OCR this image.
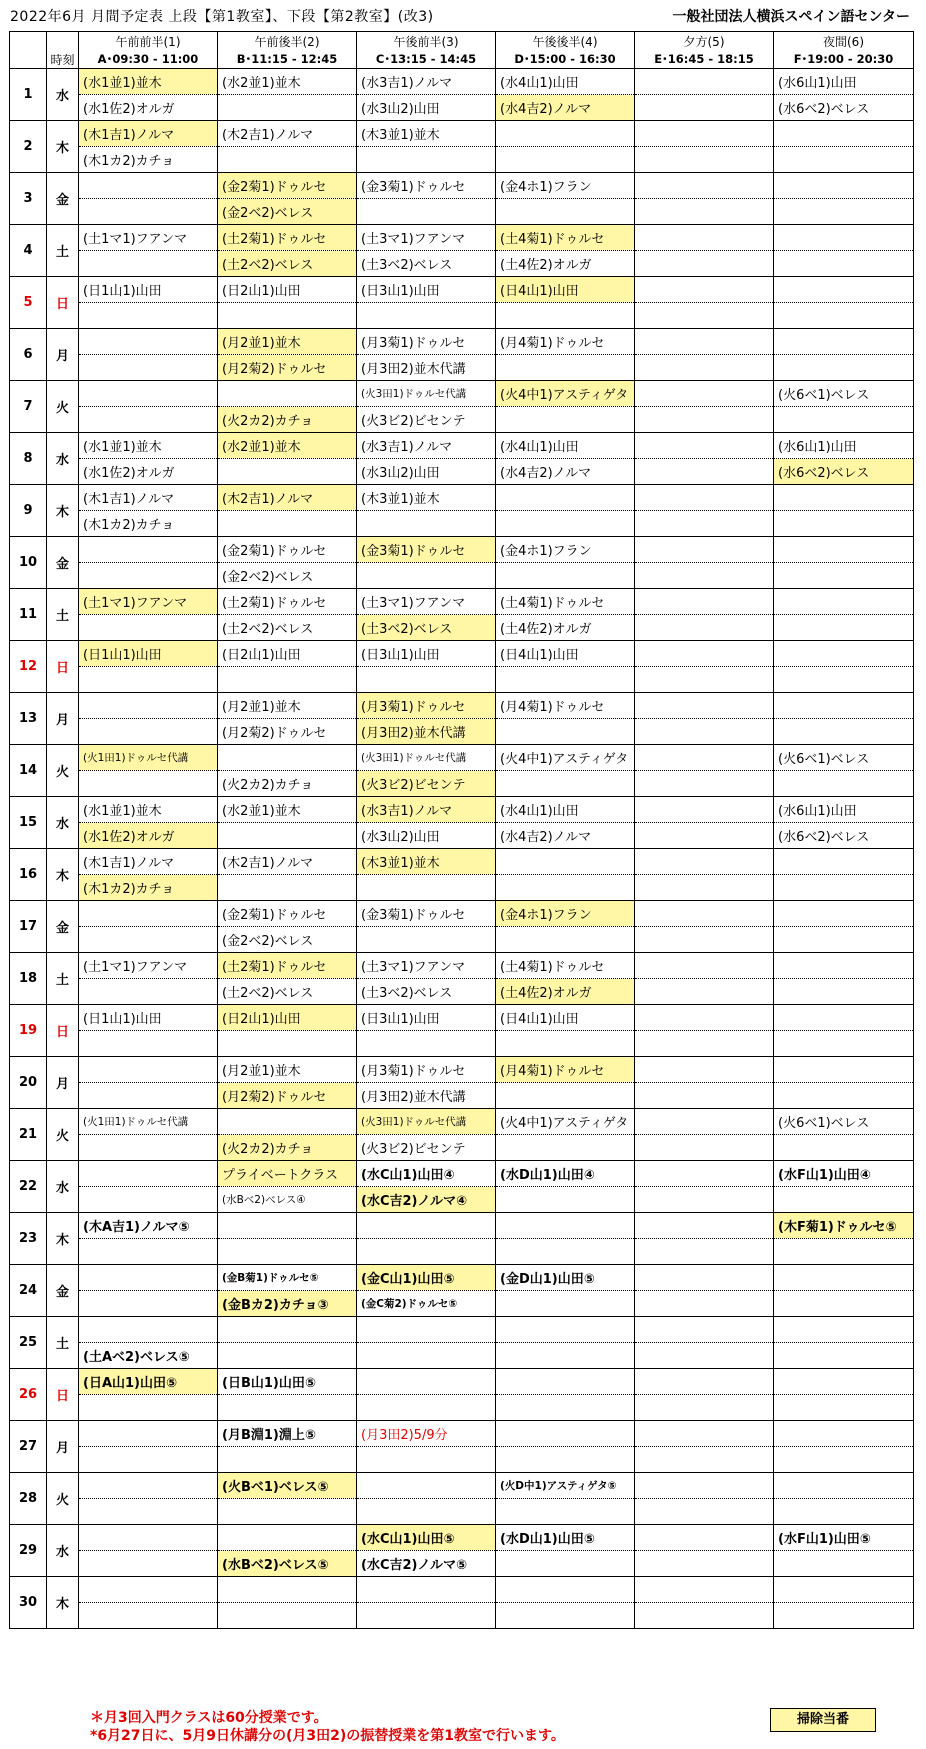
2022年6月 月間予定表 上段【第1教室】、下段【第2教室】(改3)	一般社団法人横浜スペイン語センター
		午前前半(1)	午前後半(2)	午後前半(3)	午後後半(4)	夕方(5)	夜間(6)
	時刻	A･09:30 - 11:00	B･11:15 - 12:45	C･13:15 - 14:45	D･15:00 - 16:30	E･16:45 - 18:15	F･19:00 - 20:30
1	水	(水1並1)並木	(水2並1)並木	(水3吉1)ノルマ	(水4山1)山田		(水6山1)山田
		(水1佐2)オルガ		(水3山2)山田	(水4吉2)ノルマ		(水6ベ2)ベレス
2	木	(木1吉1)ノルマ	(木2吉1)ノルマ	(木3並1)並木			
		(木1カ2)カチョ					
3	金		(金2菊1)ドゥルセ	(金3菊1)ドゥルセ	(金4ホ1)フラン		
			(金2ベ2)ベレス				
4	土	(土1マ1)フアンマ	(土2菊1)ドゥルセ	(土3マ1)フアンマ	(土4菊1)ドゥルセ		
			(土2ベ2)ベレス	(土3ベ2)ベレス	(土4佐2)オルガ		
5	日	(日1山1)山田	(日2山1)山田	(日3山1)山田	(日4山1)山田		

6	月		(月2並1)並木	(月3菊1)ドゥルセ	(月4菊1)ドゥルセ		
			(月2菊2)ドゥルセ	(月3田2)並木代講			
7	火			(火3田1)ドゥルセ代講	(火4中1)アスティゲタ		(火6ベ1)ベレス
			(火2カ2)カチョ	(火3ビ2)ビセンテ			
8	水	(水1並1)並木	(水2並1)並木	(水3吉1)ノルマ	(水4山1)山田		(水6山1)山田
		(水1佐2)オルガ		(水3山2)山田	(水4吉2)ノルマ		(水6ベ2)ベレス
9	木	(木1吉1)ノルマ	(木2吉1)ノルマ	(木3並1)並木			
		(木1カ2)カチョ					
10	金		(金2菊1)ドゥルセ	(金3菊1)ドゥルセ	(金4ホ1)フラン		
			(金2ベ2)ベレス				
11	土	(土1マ1)フアンマ	(土2菊1)ドゥルセ	(土3マ1)フアンマ	(土4菊1)ドゥルセ		
			(土2ベ2)ベレス	(土3ベ2)ベレス	(土4佐2)オルガ		
12	日	(日1山1)山田	(日2山1)山田	(日3山1)山田	(日4山1)山田		

13	月		(月2並1)並木	(月3菊1)ドゥルセ	(月4菊1)ドゥルセ		
			(月2菊2)ドゥルセ	(月3田2)並木代講			
14	火	(火1田1)ドゥルセ代講		(火3田1)ドゥルセ代講	(火4中1)アスティゲタ		(火6ベ1)ベレス
			(火2カ2)カチョ	(火3ビ2)ビセンテ			
15	水	(水1並1)並木	(水2並1)並木	(水3吉1)ノルマ	(水4山1)山田		(水6山1)山田
		(水1佐2)オルガ		(水3山2)山田	(水4吉2)ノルマ		(水6ベ2)ベレス
16	木	(木1吉1)ノルマ	(木2吉1)ノルマ	(木3並1)並木			
		(木1カ2)カチョ					
17	金		(金2菊1)ドゥルセ	(金3菊1)ドゥルセ	(金4ホ1)フラン		
			(金2ベ2)ベレス				
18	土	(土1マ1)フアンマ	(土2菊1)ドゥルセ	(土3マ1)フアンマ	(土4菊1)ドゥルセ		
			(土2ベ2)ベレス	(土3ベ2)ベレス	(土4佐2)オルガ		
19	日	(日1山1)山田	(日2山1)山田	(日3山1)山田	(日4山1)山田		

20	月		(月2並1)並木	(月3菊1)ドゥルセ	(月4菊1)ドゥルセ		
			(月2菊2)ドゥルセ	(月3田2)並木代講			
21	火	(火1田1)ドゥルセ代講		(火3田1)ドゥルセ代講	(火4中1)アスティゲタ		(火6ベ1)ベレス
			(火2カ2)カチョ	(火3ビ2)ビセンテ			
22	水		プライベートクラス	(水C山1)山田④	(水D山1)山田④		(水F山1)山田④
			(水Bベ2)ベレス④	(水C吉2)ノルマ④			
23	木	(木A吉1)ノルマ⑤					(木F菊1)ドゥルセ⑤

24	金		(金B菊1)ドゥルセ⑤	(金C山1)山田⑤	(金D山1)山田⑤		
			(金Bカ2)カチョ③	(金C菊2)ドゥルセ⑤			
25	土						
		(土Aベ2)ベレス⑤					
26	日	(日A山1)山田⑤	(日B山1)山田⑤				

27	月		(月B淵1)淵上⑤	(月3田2)5/9分			

28	火		(火Bベ1)ベレス⑤		(火D中1)アスティゲタ⑤		

29	水			(水C山1)山田⑤	(水D山1)山田⑤		(水F山1)山田⑤
			(水Bベ2)ベレス⑤	(水C吉2)ノルマ⑤			
30	木						

＊月3回入門クラスは60分授業です。
*6月27日に、5月9日休講分の(月3田2)の振替授業を第1教室で行います。
掃除当番
